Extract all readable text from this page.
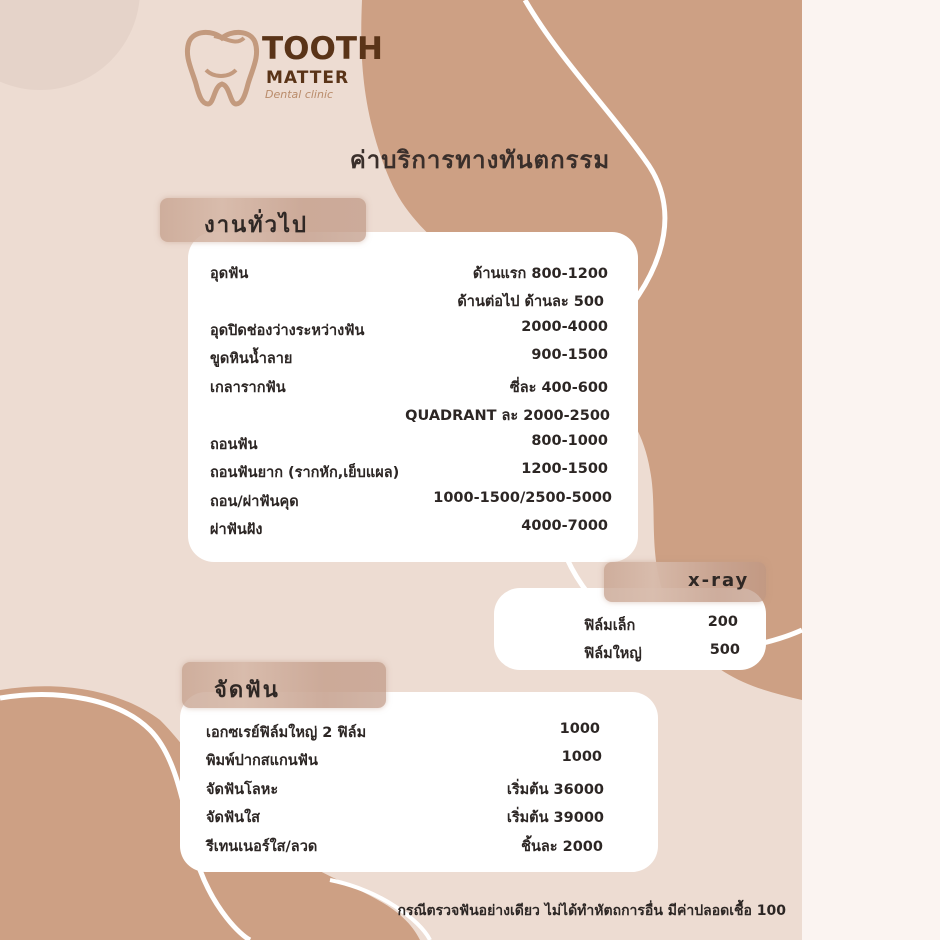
TOOTH
MATTER
Dental clinic
ค่าบริการทางทันตกรรม
อุดฟัน	ด้านแรก 800-1200
ด้านต่อไป ด้านละ 500
อุดปิดช่องว่างระหว่างฟัน	2000-4000
ขูดหินน้ำลาย	900-1500
เกลารากฟัน	ซี่ละ 400-600
QUADRANT ละ 2000-2500
ถอนฟัน	800-1000
ถอนฟันยาก (รากหัก,เย็บแผล)	1200-1500
ถอน/ผ่าฟันคุด	1000-1500/2500-5000
ผ่าฟันฝัง	4000-7000
งานทั่วไป
ฟิล์มเล็ก	200
ฟิล์มใหญ่	500
x-ray
เอกซเรย์ฟิล์มใหญ่ 2 ฟิล์ม	1000
พิมพ์ปากสแกนฟัน	1000
จัดฟันโลหะ	เริ่มต้น 36000
จัดฟันใส	เริ่มต้น 39000
รีเทนเนอร์ใส/ลวด	ชิ้นละ 2000
จัดฟัน
กรณีตรวจฟันอย่างเดียว ไม่ได้ทำหัตถการอื่น มีค่าปลอดเชื้อ 100
